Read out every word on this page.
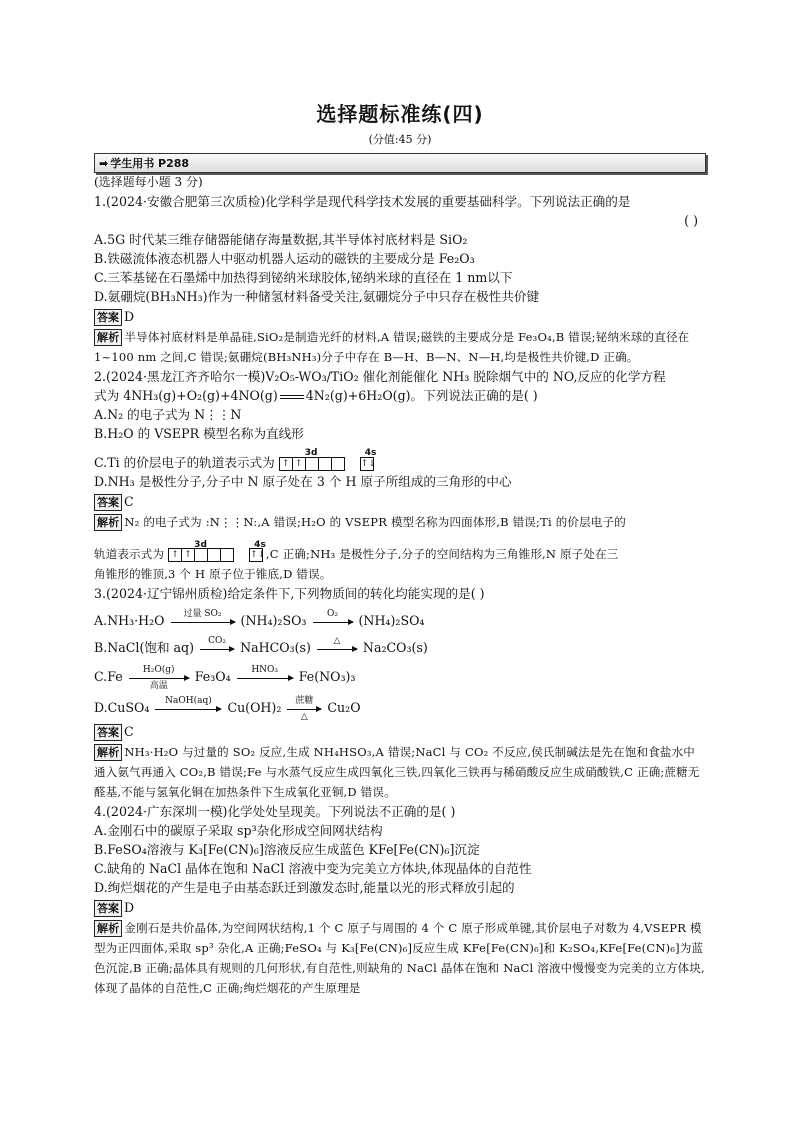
选择题标准练(四)
(分值:45 分)
➡ 学生用书 P288
(选择题每小题 3 分)
1.(2024·安徽合肥第三次质检)化学科学是现代科学技术发展的重要基础科学。下列说法正确的是
( )
A.5G 时代某三维存储器能储存海量数据,其半导体衬底材料是 SiO₂
B.铁磁流体液态机器人中驱动机器人运动的磁铁的主要成分是 Fe₂O₃
C.三苯基铋在石墨烯中加热得到铋纳米球胶体,铋纳米球的直径在 1 nm以下
D.氨硼烷(BH₃NH₃)作为一种储氢材料备受关注,氨硼烷分子中只存在极性共价键
答案 D
解析 半导体衬底材料是单晶硅,SiO₂是制造光纤的材料,A 错误;磁铁的主要成分是 Fe₃O₄,B 错误;铋纳米球的直径在 1~100 nm 之间,C 错误;氨硼烷(BH₃NH₃)分子中存在 B—H、B—N、N—H,均是极性共价键,D 正确。
2.(2024·黑龙江齐齐哈尔一模)V₂O₅-WO₃/TiO₂ 催化剂能催化 NH₃ 脱除烟气中的 NO,反应的化学方程
式为 4NH₃(g)+O₂(g)+4NO(g) 4N₂(g)+6H₂O(g)。下列说法正确的是( )
A.N₂ 的电子式为 N⋮⋮N
B.H₂O 的 VSEPR 模型名称为直线形
C.Ti 的价层电子的轨道表示式为
3d
↑ ↑
4s
↑↓
D.NH₃ 是极性分子,分子中 N 原子处在 3 个 H 原子所组成的三角形的中心
答案 C
解析 N₂ 的电子式为 :N⋮⋮N:,A 错误;H₂O 的 VSEPR 模型名称为四面体形,B 错误;Ti 的价层电子的
轨道表示式为
3d
↑ ↑
4s
↑↓ ,C 正确;NH₃ 是极性分子,分子的空间结构为三角锥形,N 原子处在三
角锥形的锥顶,3 个 H 原子位于锥底,D 错误。
3.(2024·辽宁锦州质检)给定条件下,下列物质间的转化均能实现的是( )
A.NH₃·H₂O	过量 SO₂	(NH₄)₂SO₃	O₂	(NH₄)₂SO₄
B.NaCl(饱和 aq)	CO₂	NaHCO₃(s)	△	Na₂CO₃(s)
C.Fe	H₂O(g)
高温
Fe₃O₄	HNO₃	Fe(NO₃)₃
D.CuSO₄	NaOH(aq)	Cu(OH)₂	蔗糖
△
Cu₂O
答案 C
解析 NH₃·H₂O 与过量的 SO₂ 反应,生成 NH₄HSO₃,A 错误;NaCl 与 CO₂ 不反应,侯氏制碱法是先在饱和食盐水中通入氨气再通入 CO₂,B 错误;Fe 与水蒸气反应生成四氧化三铁,四氧化三铁再与稀硝酸反应生成硝酸铁,C 正确;蔗糖无醛基,不能与氢氧化铜在加热条件下生成氧化亚铜,D 错误。
4.(2024·广东深圳一模)化学处处呈现美。下列说法不正确的是( )
A.金刚石中的碳原子采取 sp³杂化形成空间网状结构
B.FeSO₄溶液与 K₃[Fe(CN)₆]溶液反应生成蓝色 KFe[Fe(CN)₆]沉淀
C.缺角的 NaCl 晶体在饱和 NaCl 溶液中变为完美立方体块,体现晶体的自范性
D.绚烂烟花的产生是电子由基态跃迁到激发态时,能量以光的形式释放引起的
答案 D
解析 金刚石是共价晶体,为空间网状结构,1 个 C 原子与周围的 4 个 C 原子形成单键,其价层电子对数为 4,VSEPR 模型为正四面体,采取 sp³ 杂化,A 正确;FeSO₄ 与 K₃[Fe(CN)₆]反应生成 KFe[Fe(CN)₆]和 K₂SO₄,KFe[Fe(CN)₆]为蓝色沉淀,B 正确;晶体具有规则的几何形状,有自范性,则缺角的 NaCl 晶体在饱和 NaCl 溶液中慢慢变为完美的立方体块,体现了晶体的自范性,C 正确;绚烂烟花的产生原理是
